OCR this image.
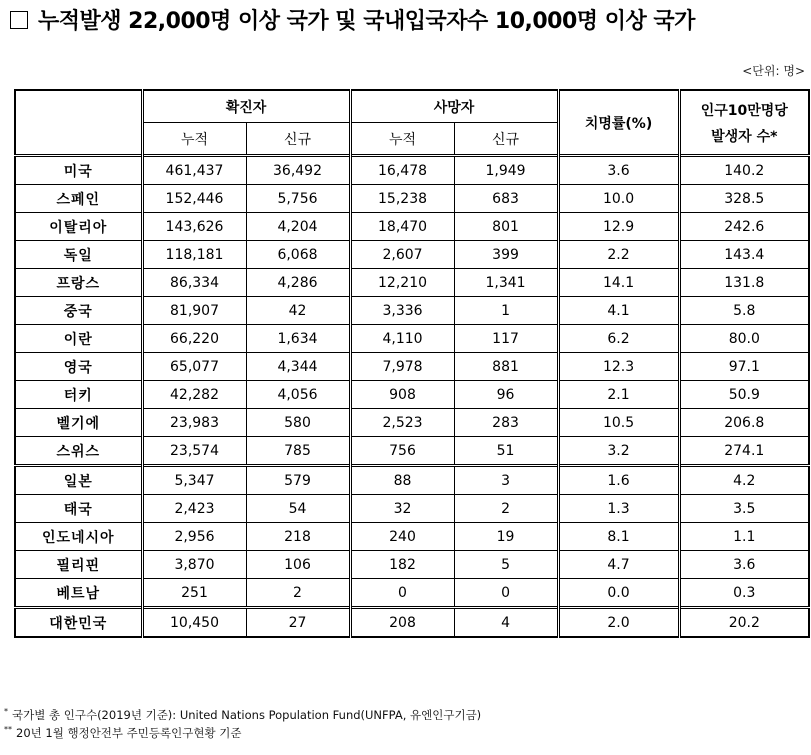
누적발생 22,000명 이상 국가 및 국내입국자수 10,000명 이상 국가
<단위: 명>
	확진자		사망자		치명률(%)	인구10만명당
발생자 수*

	누적	신규	누적	신규		
미국	461,437	36,492	16,478	1,949	3.6	140.2
스페인	152,446	5,756	15,238	683	10.0	328.5
이탈리아	143,626	4,204	18,470	801	12.9	242.6
독일	118,181	6,068	2,607	399	2.2	143.4
프랑스	86,334	4,286	12,210	1,341	14.1	131.8
중국	81,907	42	3,336	1	4.1	5.8
이란	66,220	1,634	4,110	117	6.2	80.0
영국	65,077	4,344	7,978	881	12.3	97.1
터키	42,282	4,056	908	96	2.1	50.9
벨기에	23,983	580	2,523	283	10.5	206.8
스위스	23,574	785	756	51	3.2	274.1
일본	5,347	579	88	3	1.6	4.2
태국	2,423	54	32	2	1.3	3.5
인도네시아	2,956	218	240	19	8.1	1.1
필리핀	3,870	106	182	5	4.7	3.6
베트남	251	2	0	0	0.0	0.3
대한민국	10,450	27	208	4	2.0	20.2
* 국가별 총 인구수(2019년 기준): United Nations Population Fund(UNFPA, 유엔인구기금)
** 20년 1월 행정안전부 주민등록인구현황 기준
